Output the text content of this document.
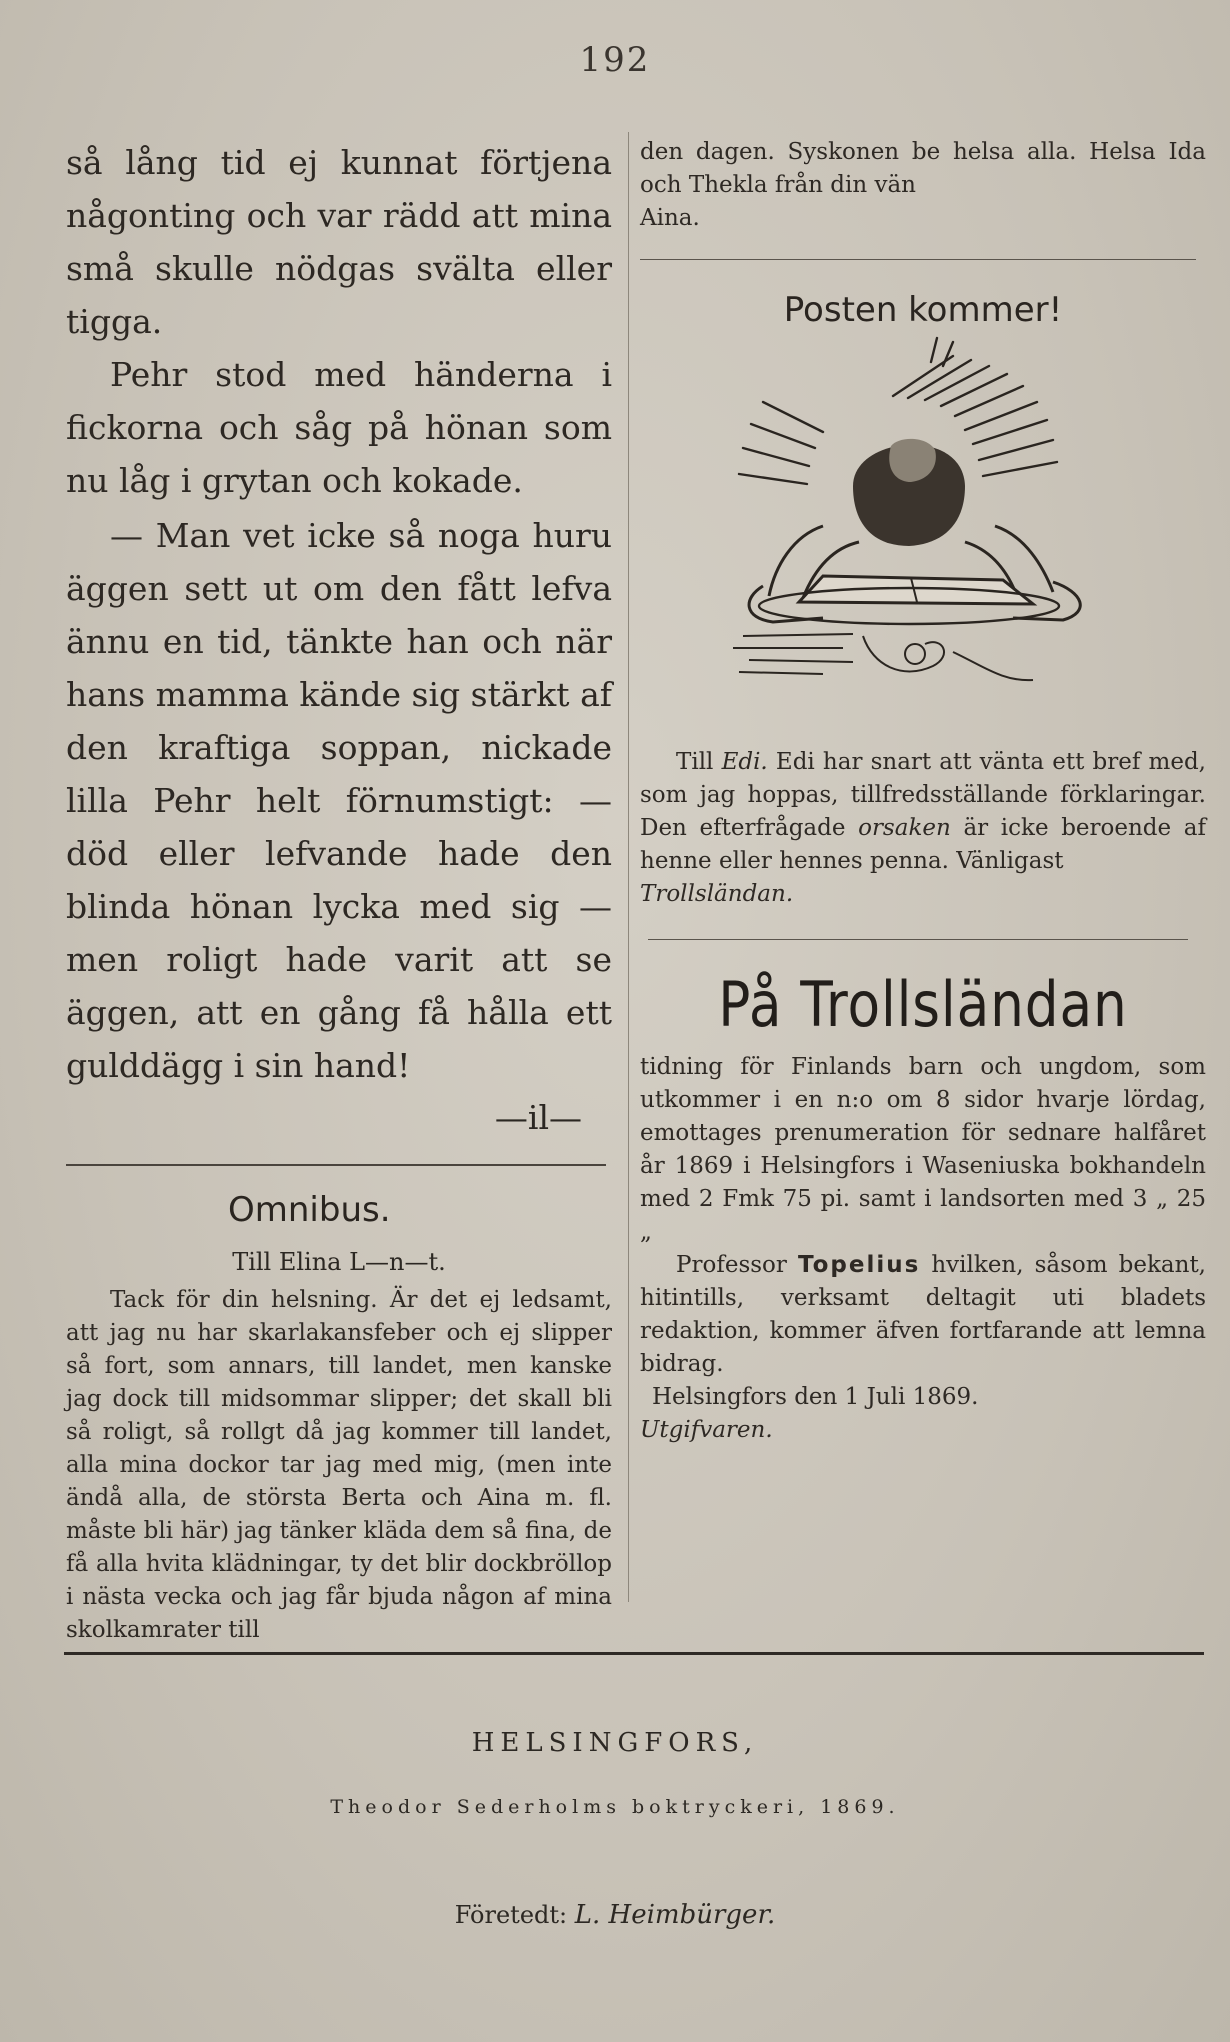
192

så lång tid ej kunnat förtjena någonting och var rädd att mina små skulle nödgas svälta eller tigga.

Pehr stod med händerna i fickorna och såg på hönan som nu låg i grytan och kokade.

— Man vet icke så noga huru äggen sett ut om den fått lefva ännu en tid, tänkte han och när hans mamma kände sig stärkt af den kraftiga soppan, nickade lilla Pehr helt förnumstigt: — död eller lefvande hade den blinda hönan lycka med sig — men roligt hade varit att se äggen, att en gång få hålla ett gulddägg i sin hand!

—il—
Omnibus.
Till Elina L—n—t.

Tack för din helsning. Är det ej ledsamt, att jag nu har skarlakansfeber och ej slipper så fort, som annars, till landet, men kanske jag dock till midsommar slipper; det skall bli så roligt, så rollgt då jag kommer till landet, alla mina dockor tar jag med mig, (men inte ändå alla, de största Berta och Aina m. fl. måste bli här) jag tänker kläda dem så fina, de få alla hvita klädningar, ty det blir dockbröllop i nästa vecka och jag får bjuda någon af mina skolkamrater till

den dagen. Syskonen be helsa alla. Helsa Ida och Thekla från din vän

Aina.
Posten kommer!
Till Edi. Edi har snart att vänta ett bref med, som jag hoppas, tillfredsställande förklaringar. Den efterfrågade orsaken är icke beroende af henne eller hennes penna. Vänligast
Trollsländan.
På Trollsländan

tidning för Finlands barn och ungdom, som utkommer i en n:o om 8 sidor hvarje lördag, emottages prenumeration för sednare halfåret år 1869 i Helsingfors i Waseniuska bokhandeln med 2 Fmk 75 pi. samt i landsorten med 3 „ 25 „

Professor Topelius hvilken, såsom bekant, hitintills, verksamt deltagit uti bladets redaktion, kommer äfven fortfarande att lemna bidrag.

Helsingfors den 1 Juli 1869.

Utgifvaren.
HELSINGFORS,
Theodor Sederholms boktryckeri, 1869.
Företedt: L. Heimbürger.
